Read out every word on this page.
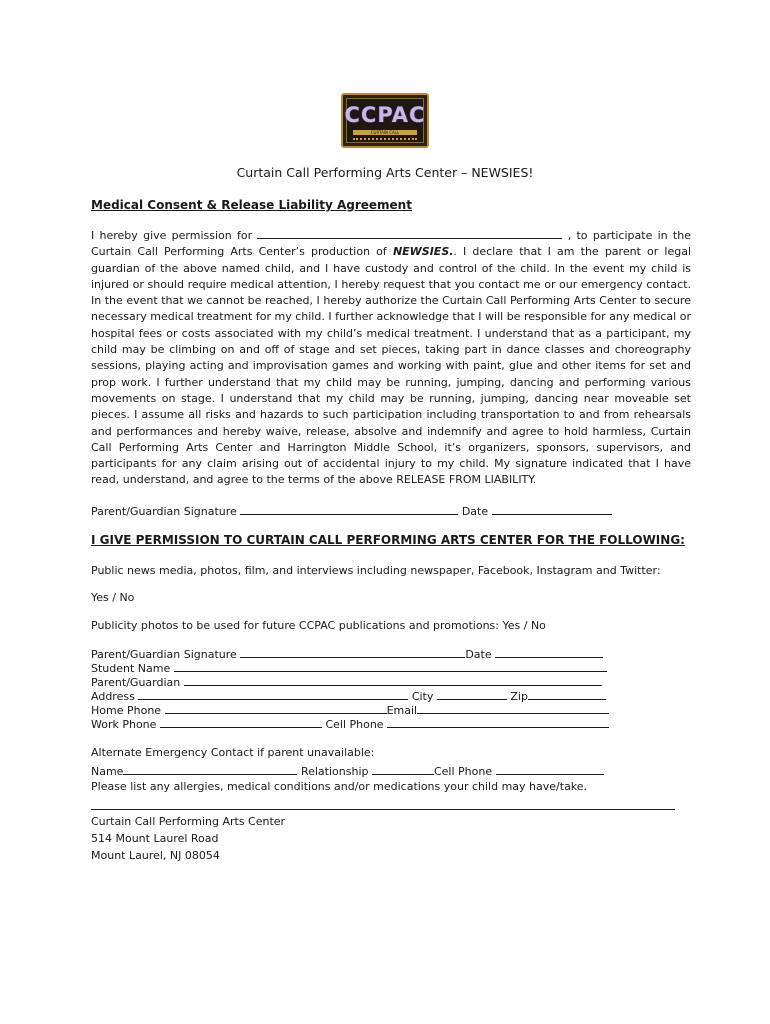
CCPAC
CURTAIN CALL
Curtain Call Performing Arts Center – NEWSIES!
Medical Consent & Release Liability Agreement
I hereby give permission for	, to participate in the Curtain Call Performing Arts Center’s production of NEWSIES.. I declare that I am the parent or legal guardian of the above named child, and I have custody and control of the child. In the event my child is injured or should require medical attention, I hereby request that you contact me or our emergency contact. In the event that we cannot be reached, I hereby authorize the Curtain Call Performing Arts Center to secure necessary medical treatment for my child. I further acknowledge that I will be responsible for any medical or hospital fees or costs associated with my child’s medical treatment. I understand that as a participant, my child may be climbing on and off of stage and set pieces, taking part in dance classes and choreography sessions, playing acting and improvisation games and working with paint, glue and other items for set and prop work. I further understand that my child may be running, jumping, dancing and performing various movements on stage. I understand that my child may be running, jumping, dancing near moveable set pieces. I assume all risks and hazards to such participation including transportation to and from rehearsals and performances and hereby waive, release, absolve and indemnify and agree to hold harmless, Curtain Call Performing Arts Center and Harrington Middle School, it’s organizers, sponsors, supervisors, and participants for any claim arising out of accidental injury to my child. My signature indicated that I have read, understand, and agree to the terms of the above RELEASE FROM LIABILITY.
Parent/Guardian Signature	Date
I GIVE PERMISSION TO CURTAIN CALL PERFORMING ARTS CENTER FOR THE FOLLOWING:
Public news media, photos, film, and interviews including newspaper, Facebook, Instagram and Twitter:
Yes / No
Publicity photos to be used for future CCPAC publications and promotions: Yes / No
Parent/Guardian Signature	Date
Student Name
Parent/Guardian
Address	City	Zip
Home Phone	Email
Work Phone	Cell Phone
Alternate Emergency Contact if parent unavailable:
Name	Relationship	Cell Phone
Please list any allergies, medical conditions and/or medications your child may have/take.
Curtain Call Performing Arts Center
514 Mount Laurel Road
Mount Laurel, NJ 08054
